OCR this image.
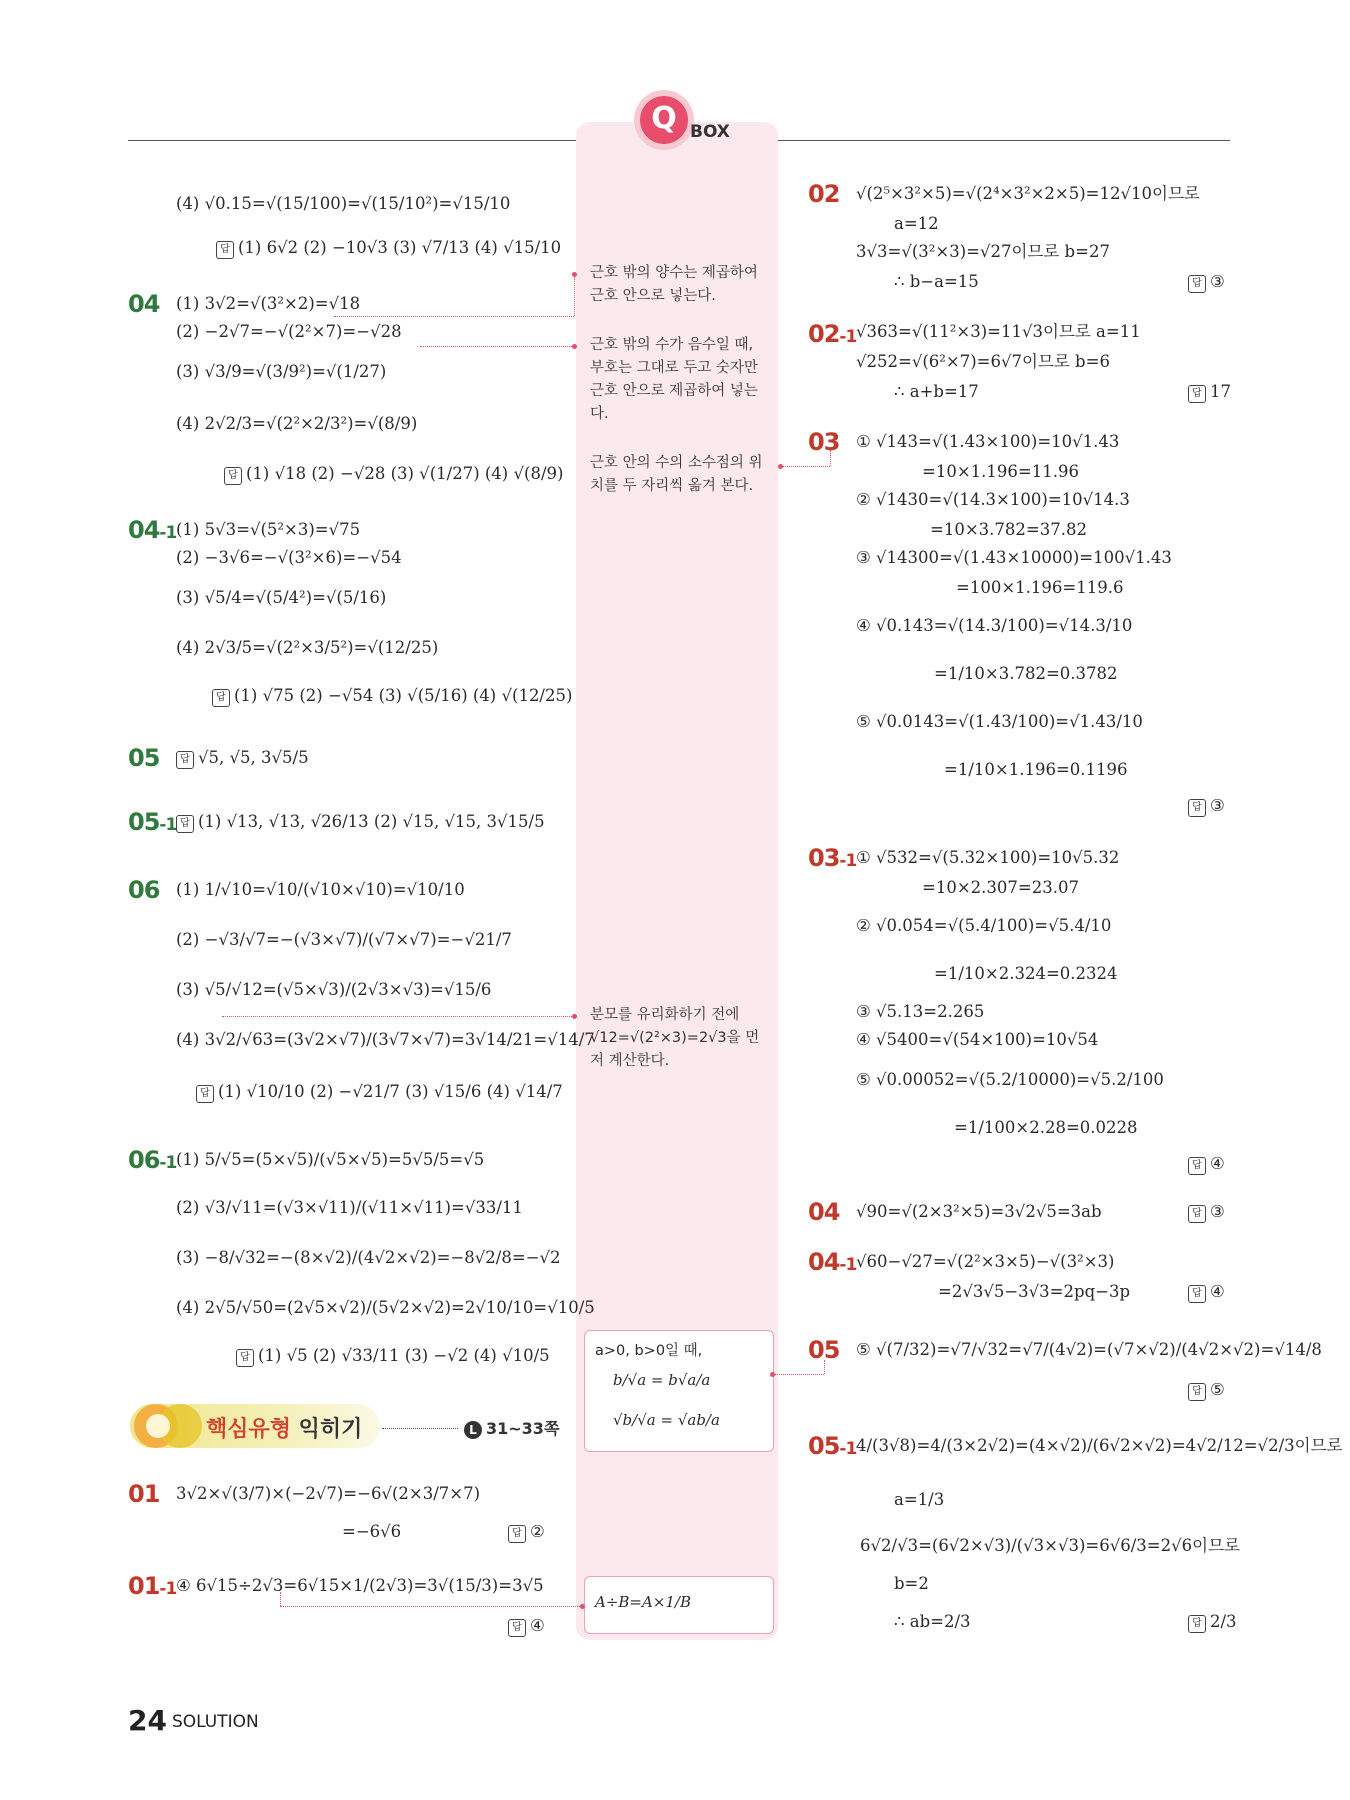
Q BOX
(4) √0.15=√(15/100)=√(15/10²)=√15/10
답 (1) 6√2 (2) −10√3 (3) √7/13 (4) √15/10
04 (1) 3√2=√(3²×2)=√18
(2) −2√7=−√(2²×7)=−√28
(3) √3/9=√(3/9²)=√(1/27)
(4) 2√2/3=√(2²×2/3²)=√(8/9)
답 (1) √18 (2) −√28 (3) √(1/27) (4) √(8/9)
04-1 (1) 5√3=√(5²×3)=√75
(2) −3√6=−√(3²×6)=−√54
(3) √5/4=√(5/4²)=√(5/16)
(4) 2√3/5=√(2²×3/5²)=√(12/25)
답 (1) √75 (2) −√54 (3) √(5/16) (4) √(12/25)
05	답 √5, √5, 3√5/5
05-1 답 (1) √13, √13, √26/13 (2) √15, √15, 3√15/5
06 (1) 1/√10=√10/(√10×√10)=√10/10
(2) −√3/√7=−(√3×√7)/(√7×√7)=−√21/7
(3) √5/√12=(√5×√3)/(2√3×√3)=√15/6
(4) 3√2/√63=(3√2×√7)/(3√7×√7)=3√14/21=√14/7
답 (1) √10/10 (2) −√21/7 (3) √15/6 (4) √14/7
06-1 (1) 5/√5=(5×√5)/(√5×√5)=5√5/5=√5
(2) √3/√11=(√3×√11)/(√11×√11)=√33/11
(3) −8/√32=−(8×√2)/(4√2×√2)=−8√2/8=−√2
(4) 2√5/√50=(2√5×√2)/(5√2×√2)=2√10/10=√10/5
답 (1) √5 (2) √33/11 (3) −√2 (4) √10/5
핵심유형 익히기	L 31~33쪽
01 3√2×√(3/7)×(−2√7)=−6√(2×3/7×7)
=−6√6	답 ②
01-1 ④ 6√15÷2√3=6√15×1/(2√3)=3√(15/3)=3√5
답 ④
근호 밖의 양수는 제곱하여 근호 안으로 넣는다.
근호 밖의 수가 음수일 때, 부호는 그대로 두고 숫자만 근호 안으로 제곱하여 넣는다.
근호 안의 수의 소수점의 위치를 두 자리씩 옮겨 본다.
분모를 유리화하기 전에 √12=√(2²×3)=2√3을 먼저 계산한다.
a>0, b>0일 때,
b/√a = b√a/a
√b/√a = √ab/a
A÷B=A×1/B
02 √(2⁵×3²×5)=√(2⁴×3²×2×5)=12√10이므로
a=12
3√3=√(3²×3)=√27이므로 b=27
∴ b−a=15	답 ③
02-1 √363=√(11²×3)=11√3이므로 a=11
√252=√(6²×7)=6√7이므로 b=6
∴ a+b=17	답 17
03 ① √143=√(1.43×100)=10√1.43
=10×1.196=11.96
② √1430=√(14.3×100)=10√14.3
=10×3.782=37.82
③ √14300=√(1.43×10000)=100√1.43
=100×1.196=119.6
④ √0.143=√(14.3/100)=√14.3/10
=1/10×3.782=0.3782
⑤ √0.0143=√(1.43/100)=√1.43/10
=1/10×1.196=0.1196
답 ③
03-1 ① √532=√(5.32×100)=10√5.32
=10×2.307=23.07
② √0.054=√(5.4/100)=√5.4/10
=1/10×2.324=0.2324
③ √5.13=2.265
④ √5400=√(54×100)=10√54
⑤ √0.00052=√(5.2/10000)=√5.2/100
=1/100×2.28=0.0228
답 ④
04 √90=√(2×3²×5)=3√2√5=3ab	답 ③
04-1 √60−√27=√(2²×3×5)−√(3²×3)
=2√3√5−3√3=2pq−3p	답 ④
05 ⑤ √(7/32)=√7/√32=√7/(4√2)=(√7×√2)/(4√2×√2)=√14/8
답 ⑤
05-1 4/(3√8)=4/(3×2√2)=(4×√2)/(6√2×√2)=4√2/12=√2/3이므로
a=1/3
6√2/√3=(6√2×√3)/(√3×√3)=6√6/3=2√6이므로
b=2
∴ ab=2/3	답 2/3
24 SOLUTION
